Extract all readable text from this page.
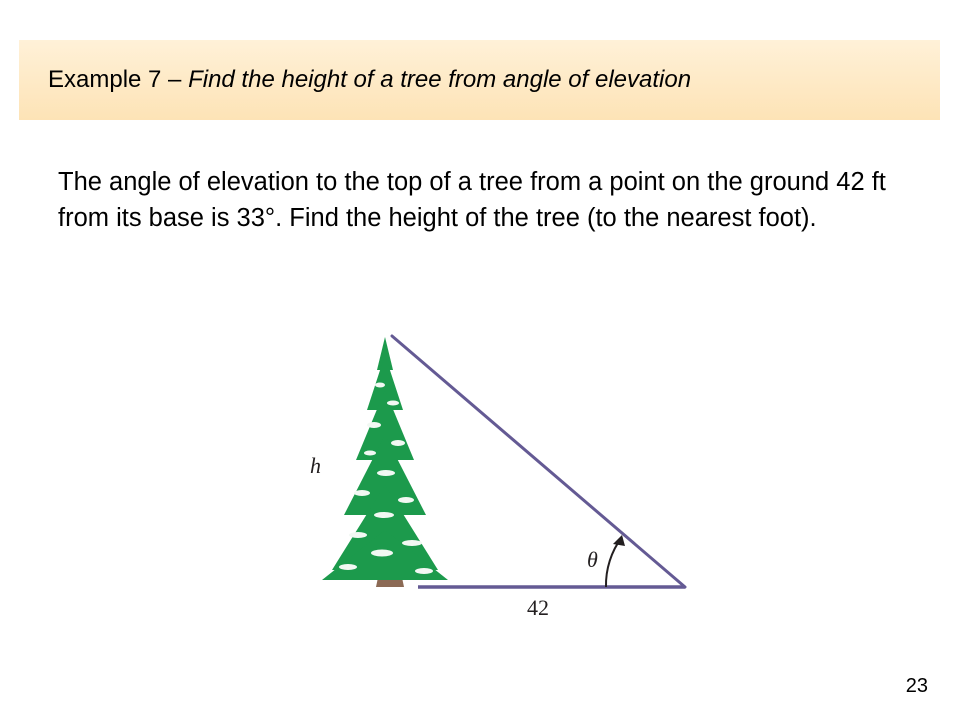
Example 7 – Find the height of a tree from angle of elevation
The angle of elevation to the top of a tree from a point on the ground 42 ft from its base is 33°. Find the height of the tree (to the nearest foot).
h
θ
42
23
